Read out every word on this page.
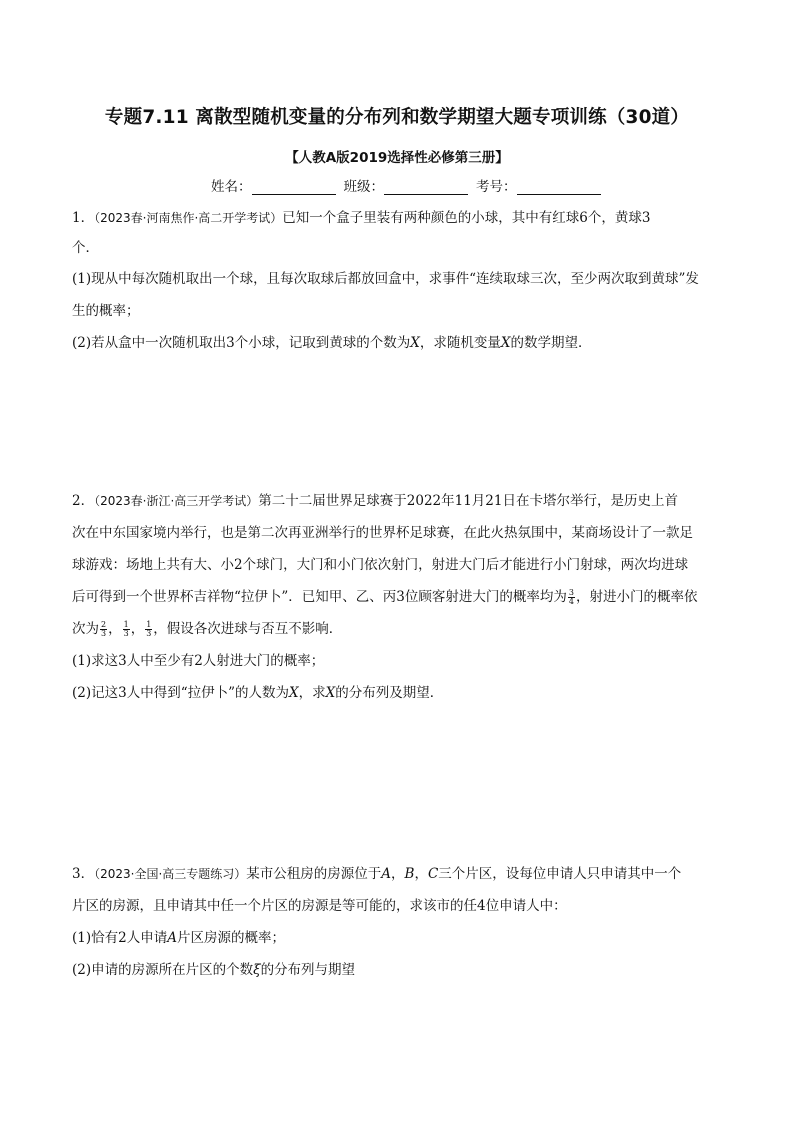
专题7.11 离散型随机变量的分布列和数学期望大题专项训练（30道）
【人教A版2019选择性必修第三册】
姓名：	班级：	考号：
1．（2023春·河南焦作·高二开学考试）已知一个盒子里装有两种颜色的小球，其中有红球6个，黄球3
个．
(1)现从中每次随机取出一个球，且每次取球后都放回盒中，求事件“连续取球三次，至少两次取到黄球”发
生的概率；
(2)若从盒中一次随机取出3个小球，记取到黄球的个数为X，求随机变量X的数学期望．
2．（2023春·浙江·高三开学考试）第二十二届世界足球赛于2022年11月21日在卡塔尔举行，是历史上首
次在中东国家境内举行，也是第二次再亚洲举行的世界杯足球赛，在此火热氛围中，某商场设计了一款足
球游戏：场地上共有大、小2个球门，大门和小门依次射门，射进大门后才能进行小门射球，两次均进球
后可得到一个世界杯吉祥物“拉伊卜”．已知甲、乙、丙3位顾客射进大门的概率均为 $\frac{3}{4}$ ，射进小门的概率依
次为 $\frac{2}{3}$ ， $\frac{1}{3}$ ， $\frac{1}{3}$ ，假设各次进球与否互不影响．
(1)求这3人中至少有2人射进大门的概率；
(2)记这3人中得到“拉伊卜”的人数为X，求X的分布列及期望．
3．（2023·全国·高三专题练习）某市公租房的房源位于A，B，C三个片区，设每位申请人只申请其中一个
片区的房源，且申请其中任一个片区的房源是等可能的，求该市的任4位申请人中：
(1)恰有2人申请A片区房源的概率；
(2)申请的房源所在片区的个数ξ的分布列与期望
